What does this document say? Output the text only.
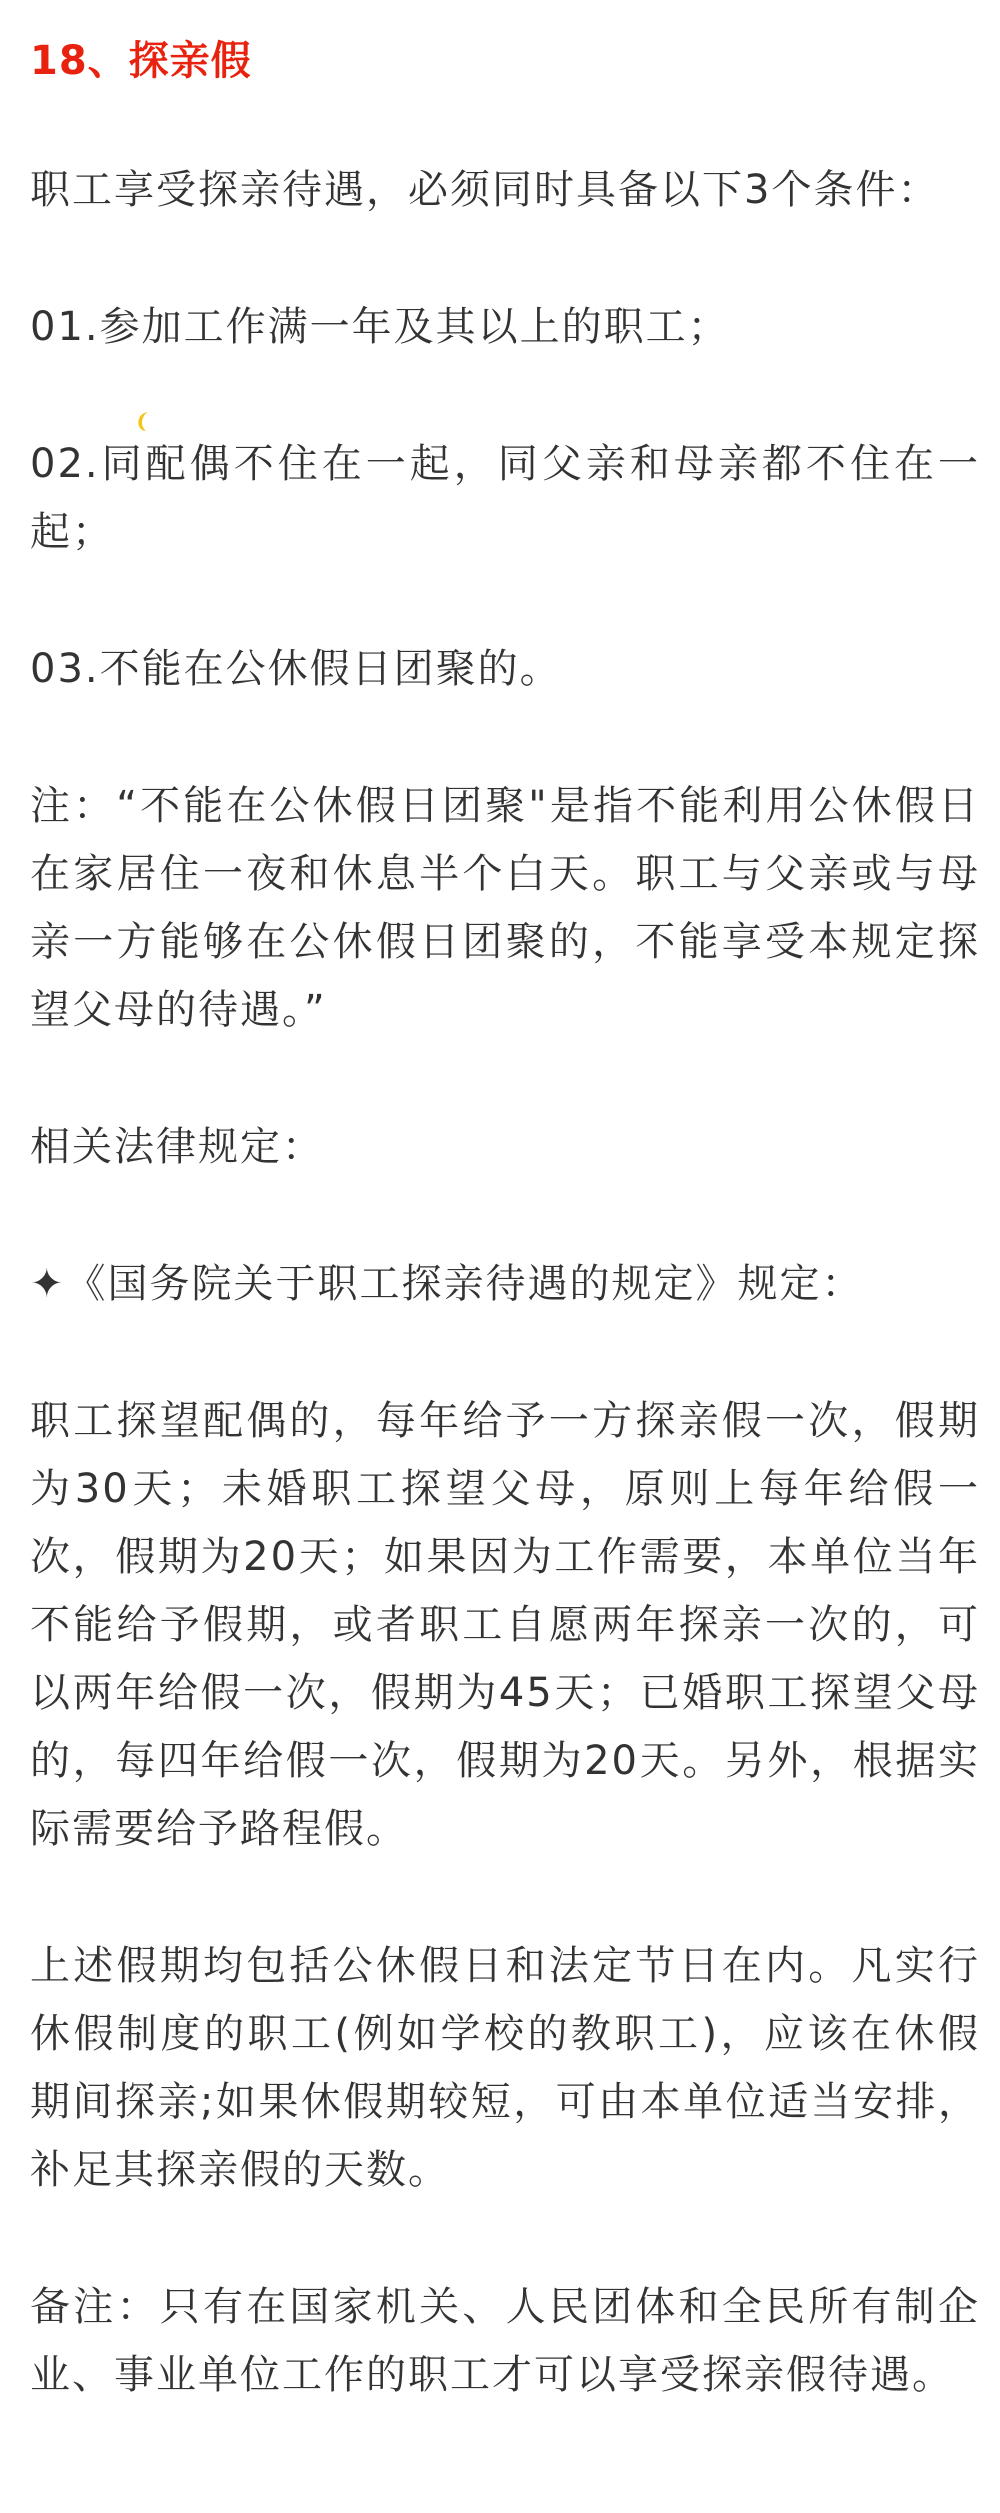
18、探亲假

职工享受探亲待遇，必须同时具备以下3个条件：

01.参加工作满一年及其以上的职工；

02.同配偶不住在一起，同父亲和母亲都不住在一起；

03.不能在公休假日团聚的。

注：“不能在公休假日团聚"是指不能利用公休假日在家居住一夜和休息半个白天。职工与父亲或与母亲一方能够在公休假日团聚的，不能享受本规定探望父母的待遇。”

相关法律规定：

✦《国务院关于职工探亲待遇的规定》规定：

职工探望配偶的，每年给予一方探亲假一次，假期为30天；未婚职工探望父母，原则上每年给假一次，假期为20天；如果因为工作需要，本单位当年不能给予假期，或者职工自愿两年探亲一次的，可以两年给假一次，假期为45天；已婚职工探望父母的，每四年给假一次，假期为20天。另外，根据实际需要给予路程假。

上述假期均包括公休假日和法定节日在内。凡实行休假制度的职工(例如学校的教职工)，应该在休假期间探亲;如果休假期较短，可由本单位适当安排，补足其探亲假的天数。

备注：只有在国家机关、人民团体和全民所有制企业、事业单位工作的职工才可以享受探亲假待遇。
